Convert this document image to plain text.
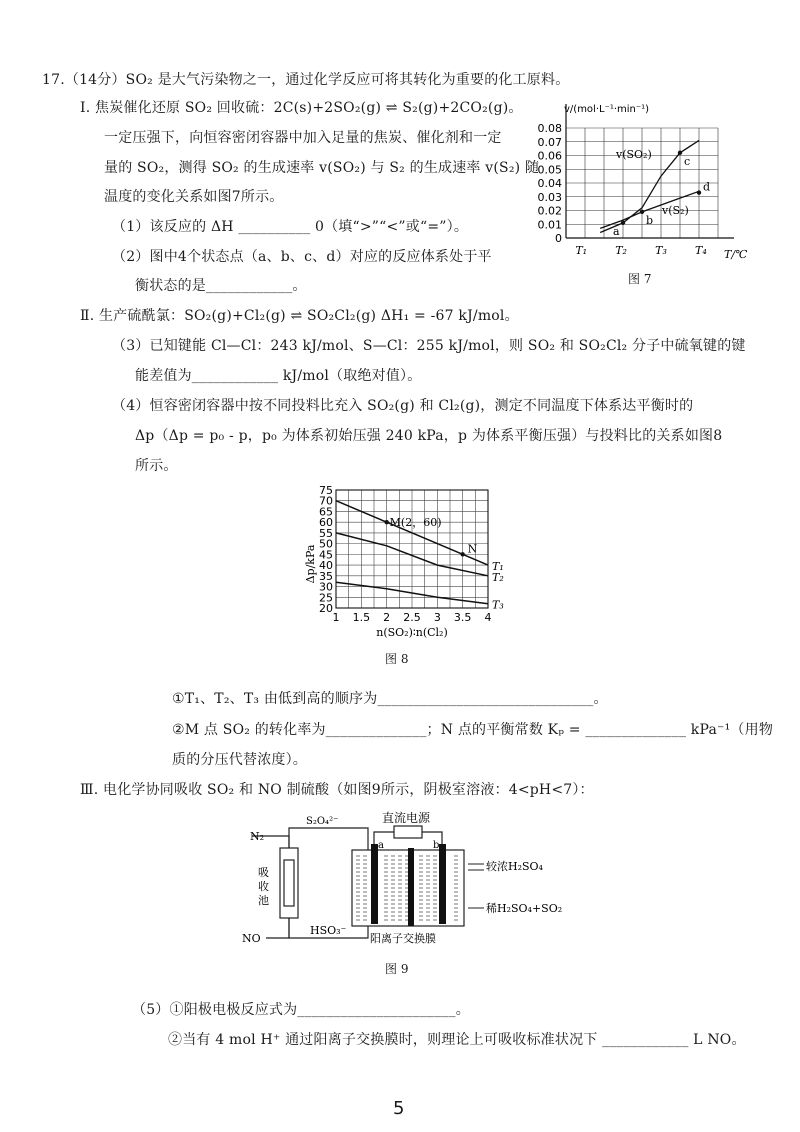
17.（14分）SO₂ 是大气污染物之一，通过化学反应可将其转化为重要的化工原料。
Ⅰ. 焦炭催化还原 SO₂ 回收硫：2C(s)+2SO₂(g) ⇌ S₂(g)+2CO₂(g)。
一定压强下，向恒容密闭容器中加入足量的焦炭、催化剂和一定
量的 SO₂，测得 SO₂ 的生成速率 v(SO₂) 与 S₂ 的生成速率 v(S₂) 随
温度的变化关系如图7所示。
（1）该反应的 ΔH __________ 0（填“>”“<”或“=”）。
（2）图中4个状态点（a、b、c、d）对应的反应体系处于平
衡状态的是____________。
Ⅱ. 生产硫酰氯：SO₂(g)+Cl₂(g) ⇌ SO₂Cl₂(g) ΔH₁ = -67 kJ/mol。
（3）已知键能 Cl—Cl：243 kJ/mol、S—Cl：255 kJ/mol，则 SO₂ 和 SO₂Cl₂ 分子中硫氧键的键
能差值为____________ kJ/mol（取绝对值）。
（4）恒容密闭容器中按不同投料比充入 SO₂(g) 和 Cl₂(g)，测定不同温度下体系达平衡时的
Δp（Δp = p₀ - p，p₀ 为体系初始压强 240 kPa，p 为体系平衡压强）与投料比的关系如图8
所示。
①T₁、T₂、T₃ 由低到高的顺序为______________________________。
②M 点 SO₂ 的转化率为______________；N 点的平衡常数 Kₚ = ______________ kPa⁻¹（用物
质的分压代替浓度）。
Ⅲ. 电化学协同吸收 SO₂ 和 NO 制硫酸（如图9所示，阴极室溶液：4<pH<7）：
（5）①阳极电极反应式为______________________。
②当有 4 mol H⁺ 通过阳离子交换膜时，则理论上可吸收标准状况下 ____________ L NO。
5
v/(mol·L⁻¹·min⁻¹)
0.08
0.07
0.06
0.05
0.04
0.03
0.02
0.01
0
T₁	T₂	T₃	T₄ T/℃
v(SO₂)
v(S₂)
a
b
c
d
图 7
20
25
30
35
40
45
50
55
60
65
70
75
1 1.5 2 2.5 3 3.5 4
Δp/kPa
n(SO₂)∶n(Cl₂)
T₁
T₂
T₃
M(2，60)
N
图 8
N₂
NO
S₂O₄²⁻
HSO₃⁻
吸
收
池
直流电源
a	b
较浓H₂SO₄
稀H₂SO₄+SO₂
阳离子交换膜
图 9
